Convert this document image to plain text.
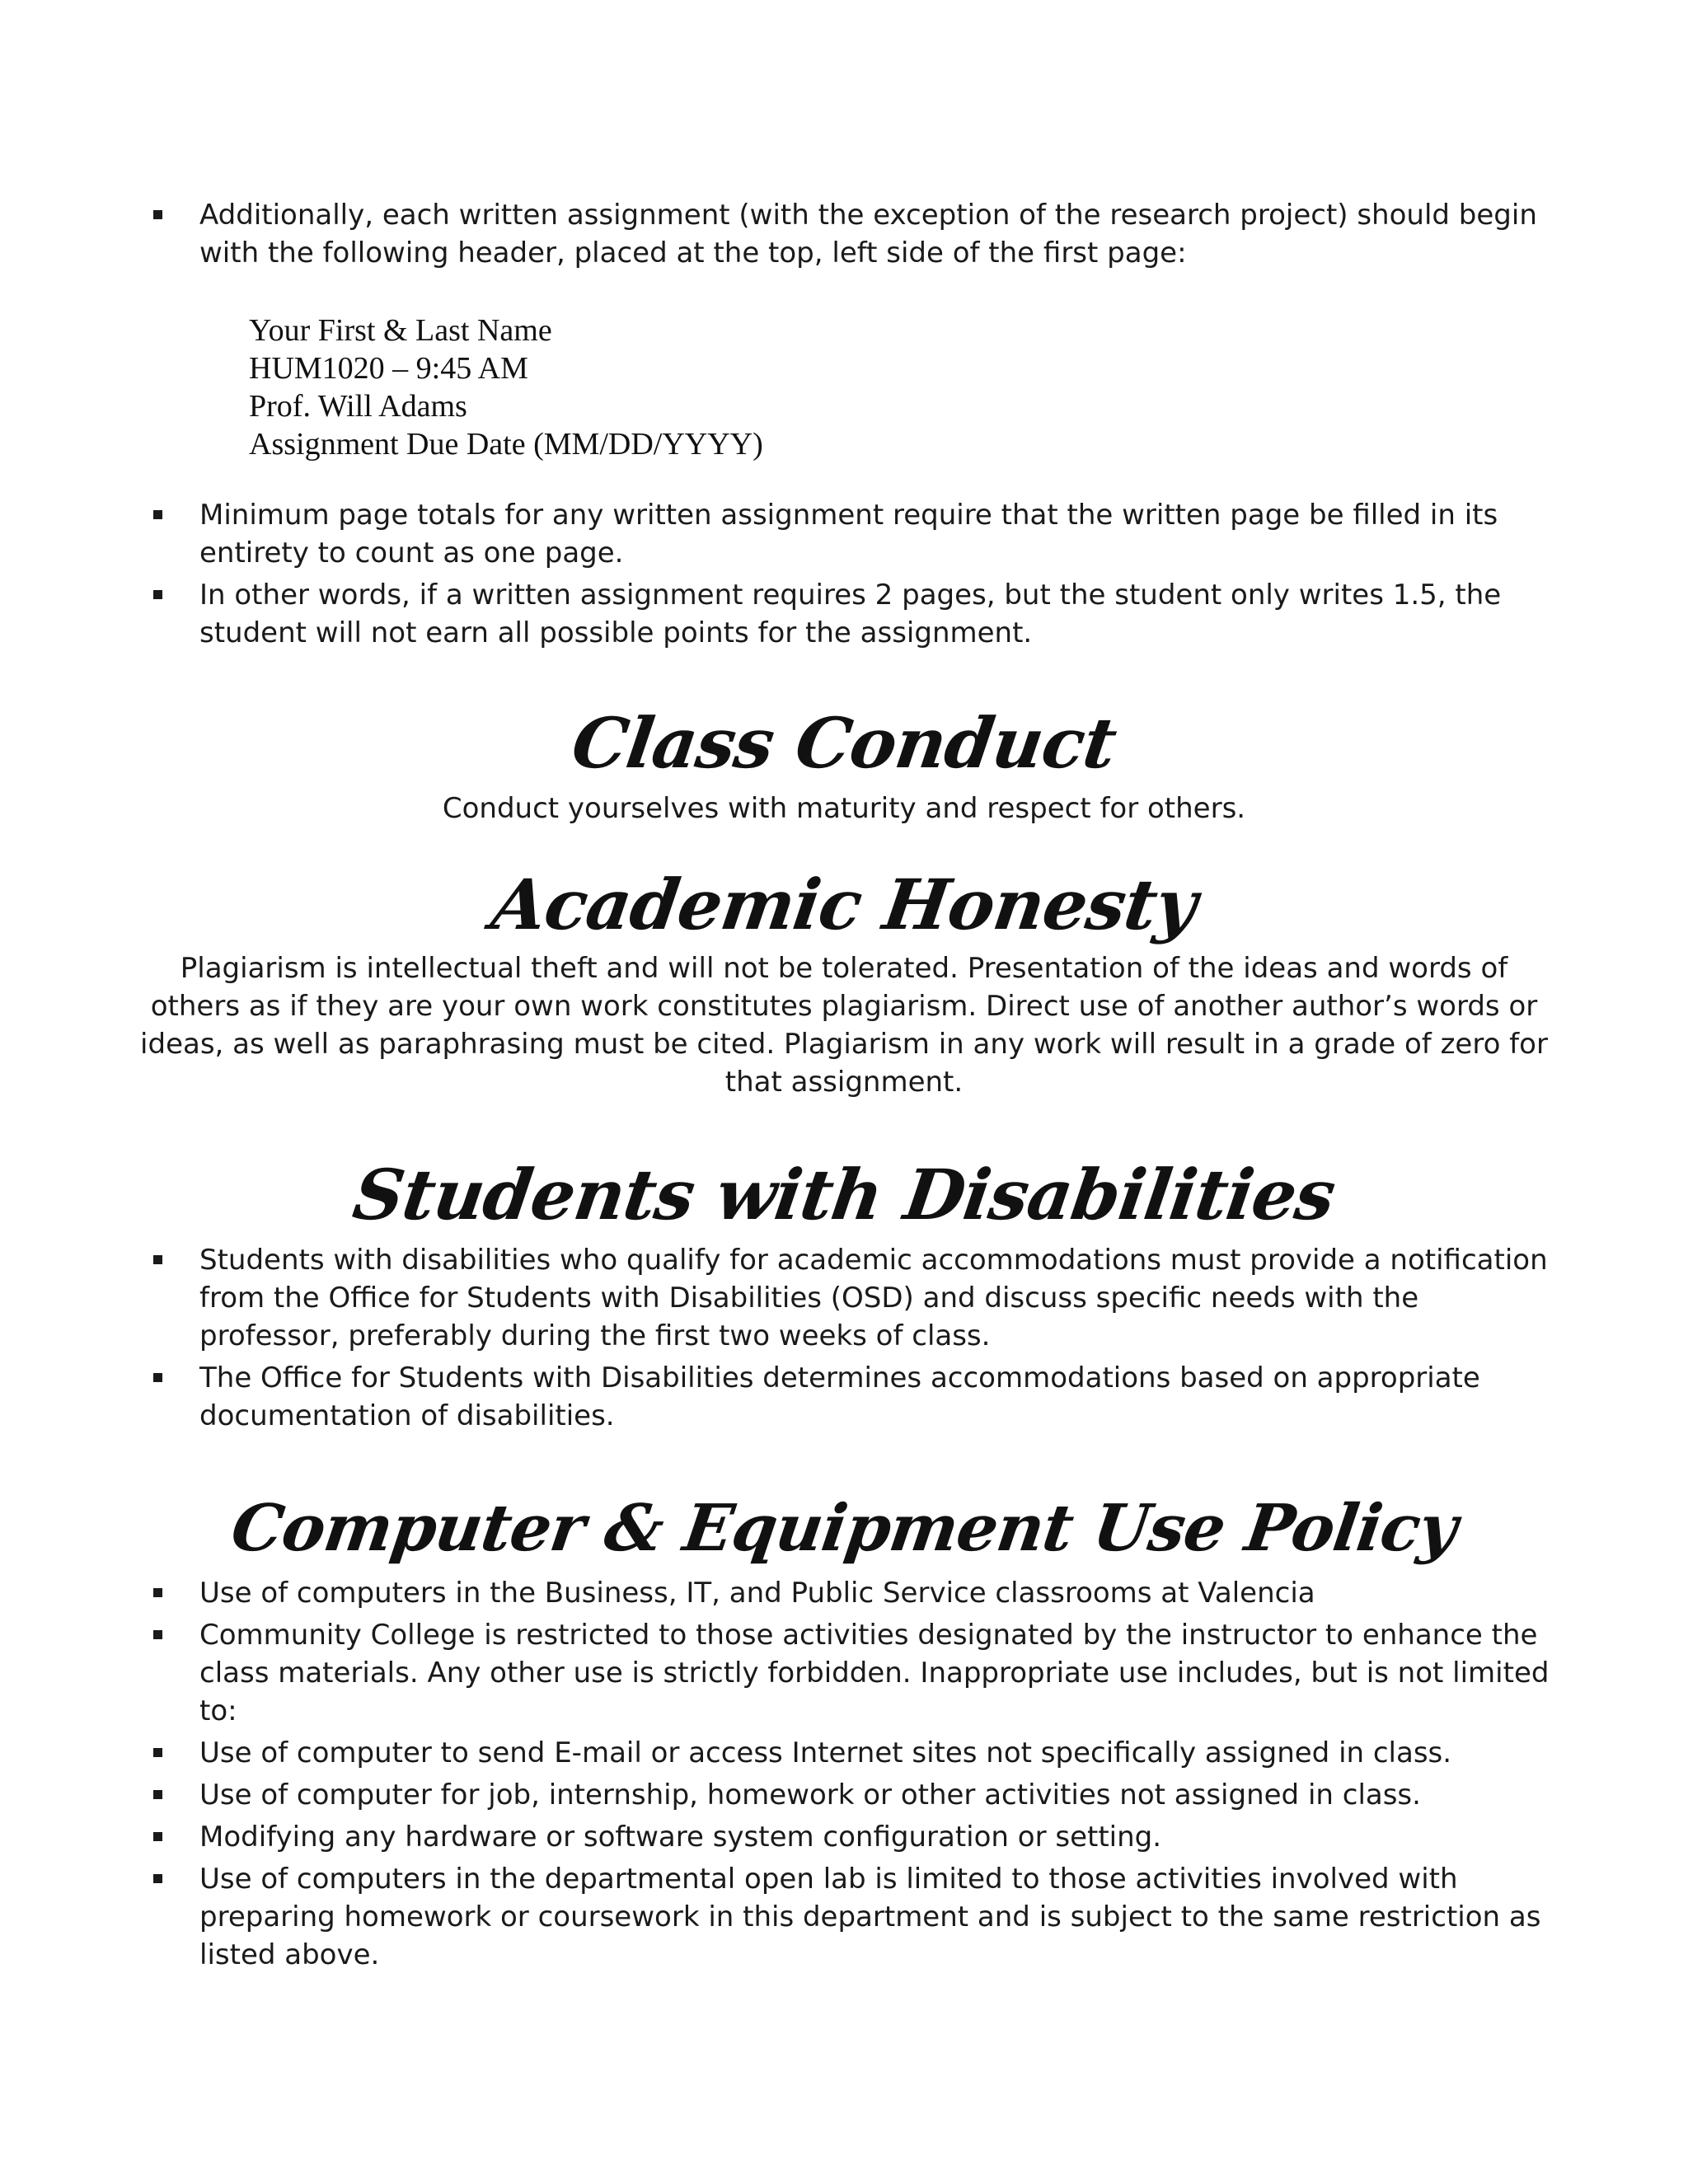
Additionally, each written assignment (with the exception of the research project) should begin with the following header, placed at the top, left side of the first page:
Your First & Last Name
HUM1020 – 9:45 AM
Prof. Will Adams
Assignment Due Date (MM/DD/YYYY)
Minimum page totals for any written assignment require that the written page be filled in its entirety to count as one page.
In other words, if a written assignment requires 2 pages, but the student only writes 1.5, the student will not earn all possible points for the assignment.
Class Conduct
Conduct yourselves with maturity and respect for others.
Academic Honesty
Plagiarism is intellectual theft and will not be tolerated. Presentation of the ideas and words of others as if they are your own work constitutes plagiarism. Direct use of another author’s words or ideas, as well as paraphrasing must be cited. Plagiarism in any work will result in a grade of zero for that assignment.
Students with Disabilities
Students with disabilities who qualify for academic accommodations must provide a notification from the Office for Students with Disabilities (OSD) and discuss specific needs with the professor, preferably during the first two weeks of class.
The Office for Students with Disabilities determines accommodations based on appropriate documentation of disabilities.
Computer & Equipment Use Policy
Use of computers in the Business, IT, and Public Service classrooms at Valencia
Community College is restricted to those activities designated by the instructor to enhance the class materials. Any other use is strictly forbidden. Inappropriate use includes, but is not limited to:
Use of computer to send E-mail or access Internet sites not specifically assigned in class.
Use of computer for job, internship, homework or other activities not assigned in class.
Modifying any hardware or software system configuration or setting.
Use of computers in the departmental open lab is limited to those activities involved with preparing homework or coursework in this department and is subject to the same restriction as listed above.
